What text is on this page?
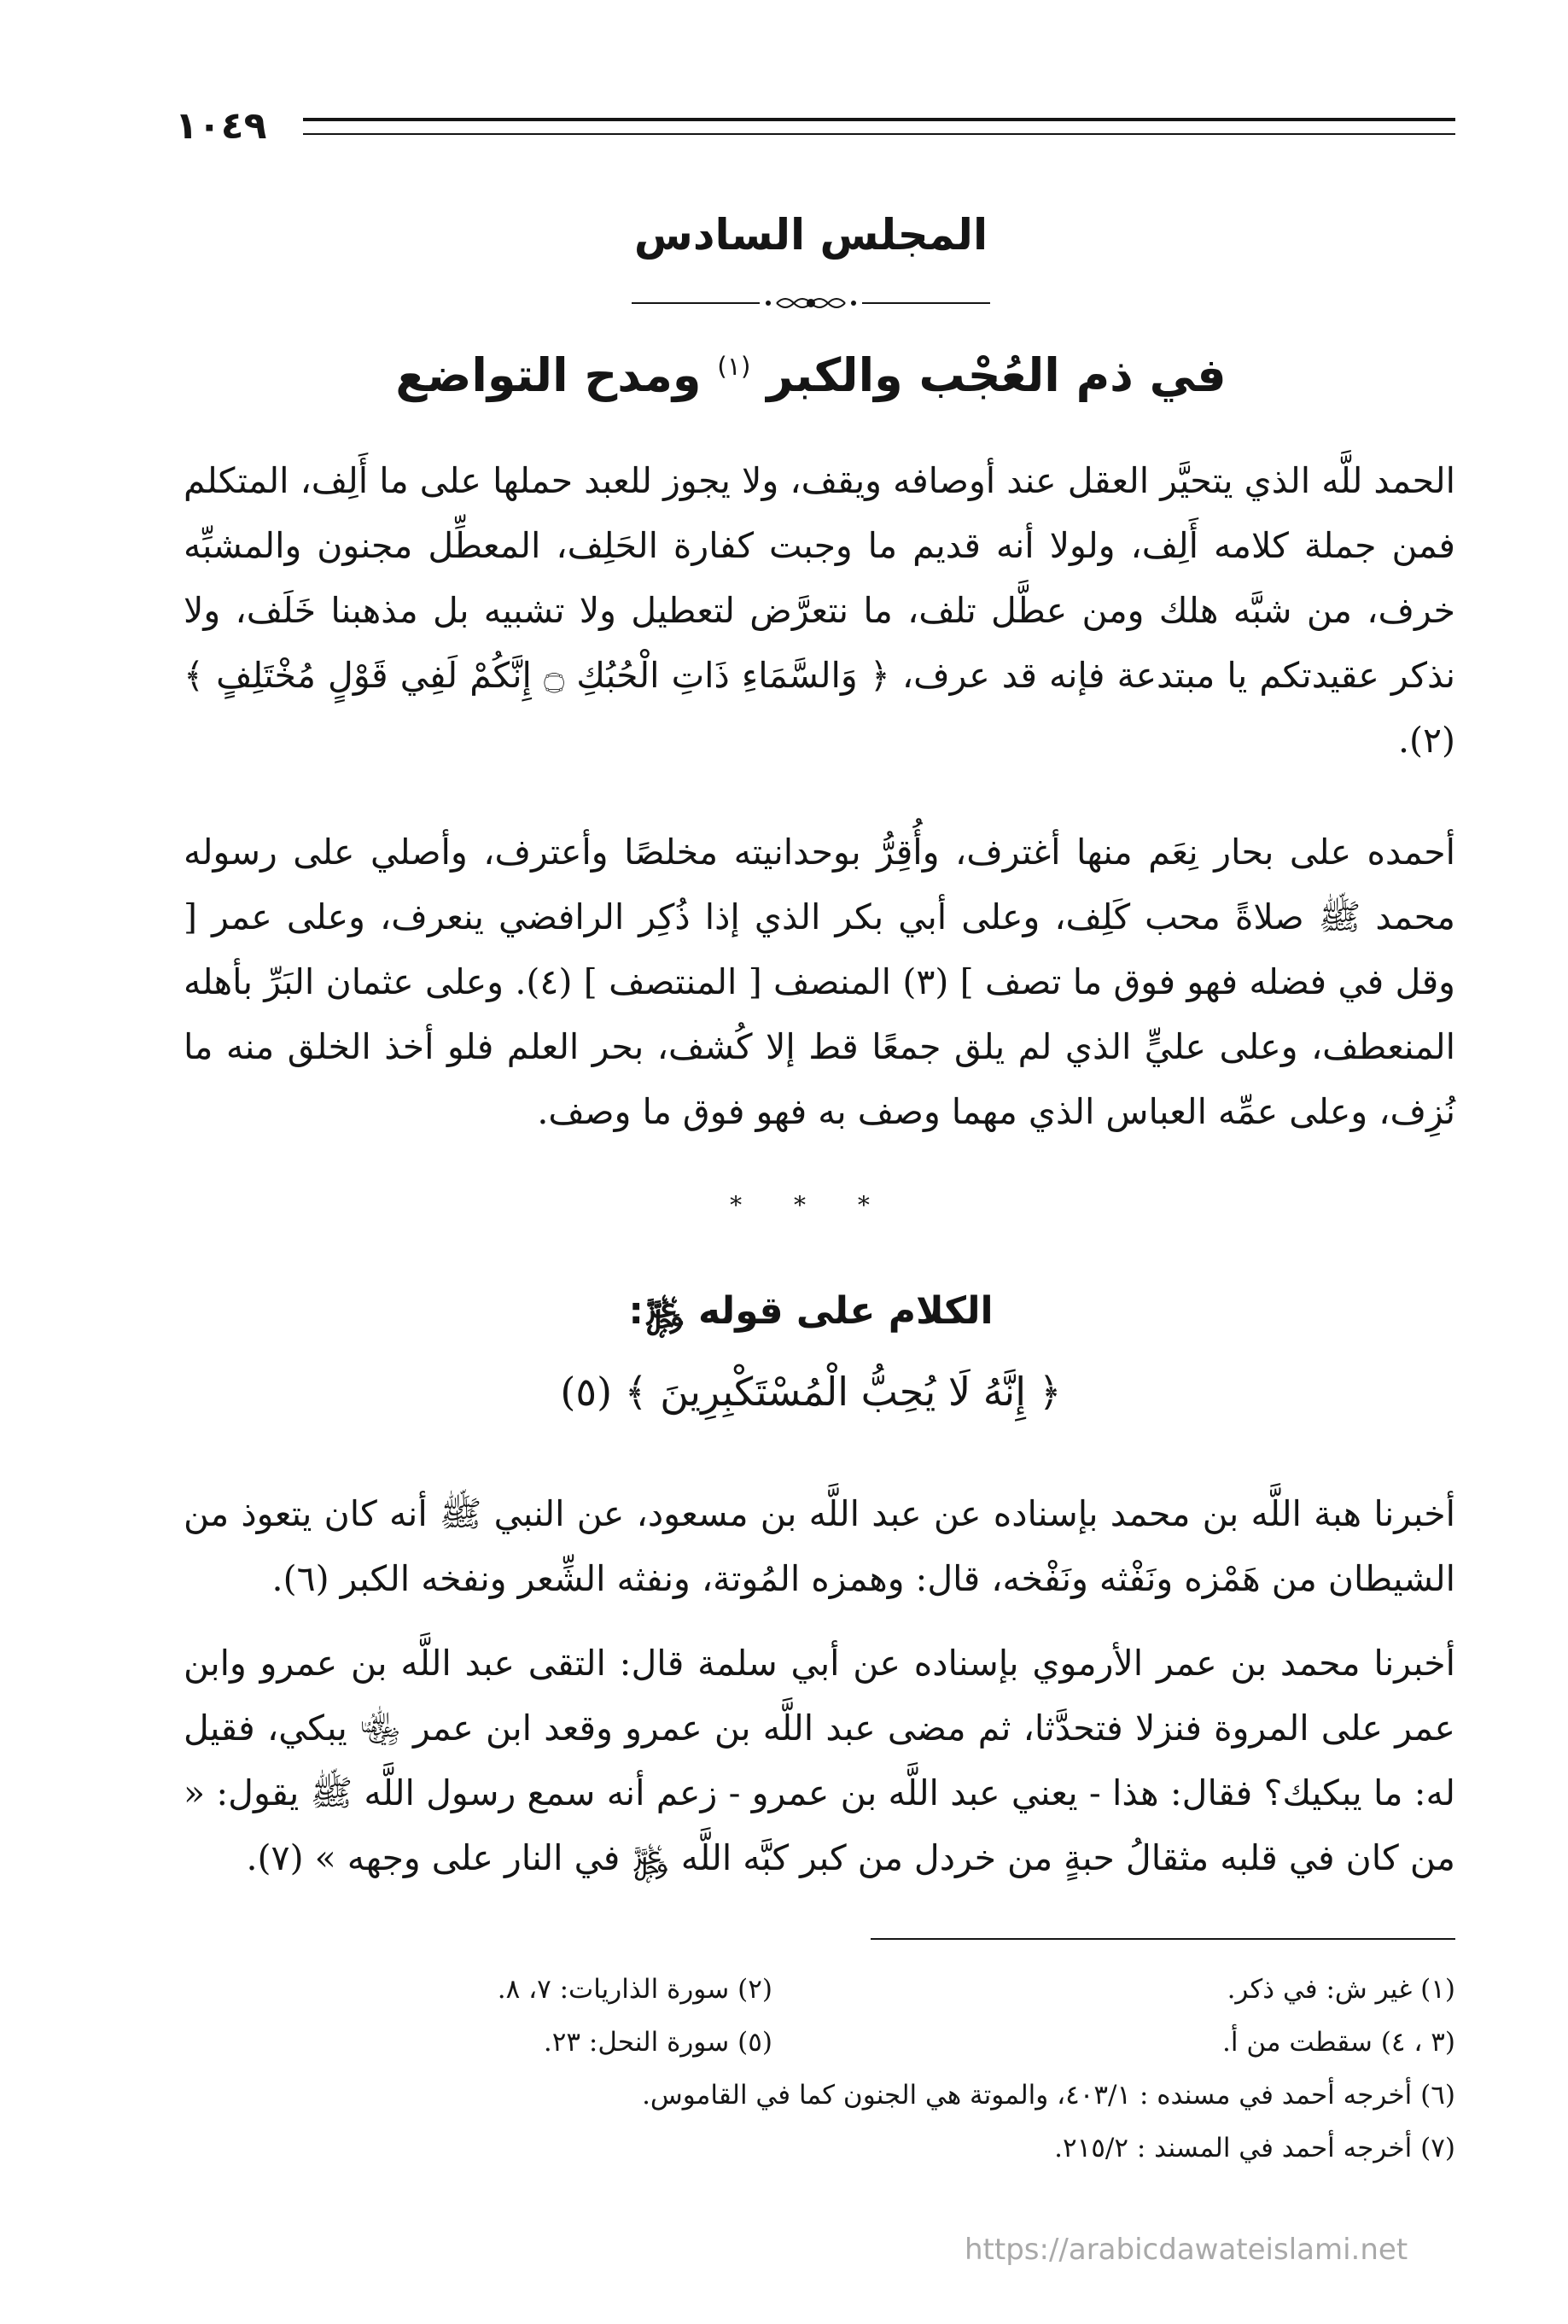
١٠٤٩
المجلس السادس
في ذم العُجْب والكبر $^{(١)}$ ومدح التواضع

الحمد للَّه الذي يتحيَّر العقل عند أوصافه ويقف، ولا يجوز للعبد حملها على ما أَلِف، المتكلم فمن جملة كلامه أَلِف، ولولا أنه قديم ما وجبت كفارة الحَلِف، المعطِّل مجنون والمشبِّه خرف، من شبَّه هلك ومن عطَّل تلف، ما نتعرَّض لتعطيل ولا تشبيه بل مذهبنا خَلَف، ولا نذكر عقيدتكم يا مبتدعة فإنه قد عرف، ﴿ وَالسَّمَاءِ ذَاتِ الْحُبُكِ ۝ إِنَّكُمْ لَفِي قَوْلٍ مُخْتَلِفٍ ﴾ (٢).

أحمده على بحار نِعَم منها أغترف، وأُقِرُّ بوحدانيته مخلصًا وأعترف، وأصلي على رسوله محمد ﷺ صلاةً محب كَلِف، وعلى أبي بكر الذي إذا ذُكِر الرافضي ينعرف، وعلى عمر [ وقل في فضله فهو فوق ما تصف ] (٣) المنصف [ المنتصف ] (٤). وعلى عثمان البَرِّ بأهله المنعطف، وعلى عليٍّ الذي لم يلق جمعًا قط إلا كُشف، بحر العلم فلو أخذ الخلق منه ما نُزِف، وعلى عمِّه العباس الذي مهما وصف به فهو فوق ما وصف.

* * *

الكلام على قوله ﷿:

﴿ إِنَّهُ لَا يُحِبُّ الْمُسْتَكْبِرِينَ ﴾ (٥)

أخبرنا هبة اللَّه بن محمد بإسناده عن عبد اللَّه بن مسعود، عن النبي ﷺ أنه كان يتعوذ من الشيطان من هَمْزه ونَفْثه ونَفْخه، قال: وهمزه المُوتة، ونفثه الشِّعر ونفخه الكبر (٦).

أخبرنا محمد بن عمر الأرموي بإسناده عن أبي سلمة قال: التقى عبد اللَّه بن عمرو وابن عمر على المروة فنزلا فتحدَّثا، ثم مضى عبد اللَّه بن عمرو وقعد ابن عمر ﵄ يبكي، فقيل له: ما يبكيك؟ فقال: هذا - يعني عبد اللَّه بن عمرو - زعم أنه سمع رسول اللَّه ﷺ يقول: « من كان في قلبه مثقالُ حبةٍ من خردل من كبر كبَّه اللَّه ﷿ في النار على وجهه » (٧).

(١) غير ش: في ذكر.
(٢) سورة الذاريات: ٧، ٨.
(٣ ، ٤) سقطت من أ.
(٥) سورة النحل: ٢٣.
(٦) أخرجه أحمد في مسنده : ٤٠٣/١، والموتة هي الجنون كما في القاموس.
(٧) أخرجه أحمد في المسند : ٢١٥/٢.
https://arabicdawateislami.net
